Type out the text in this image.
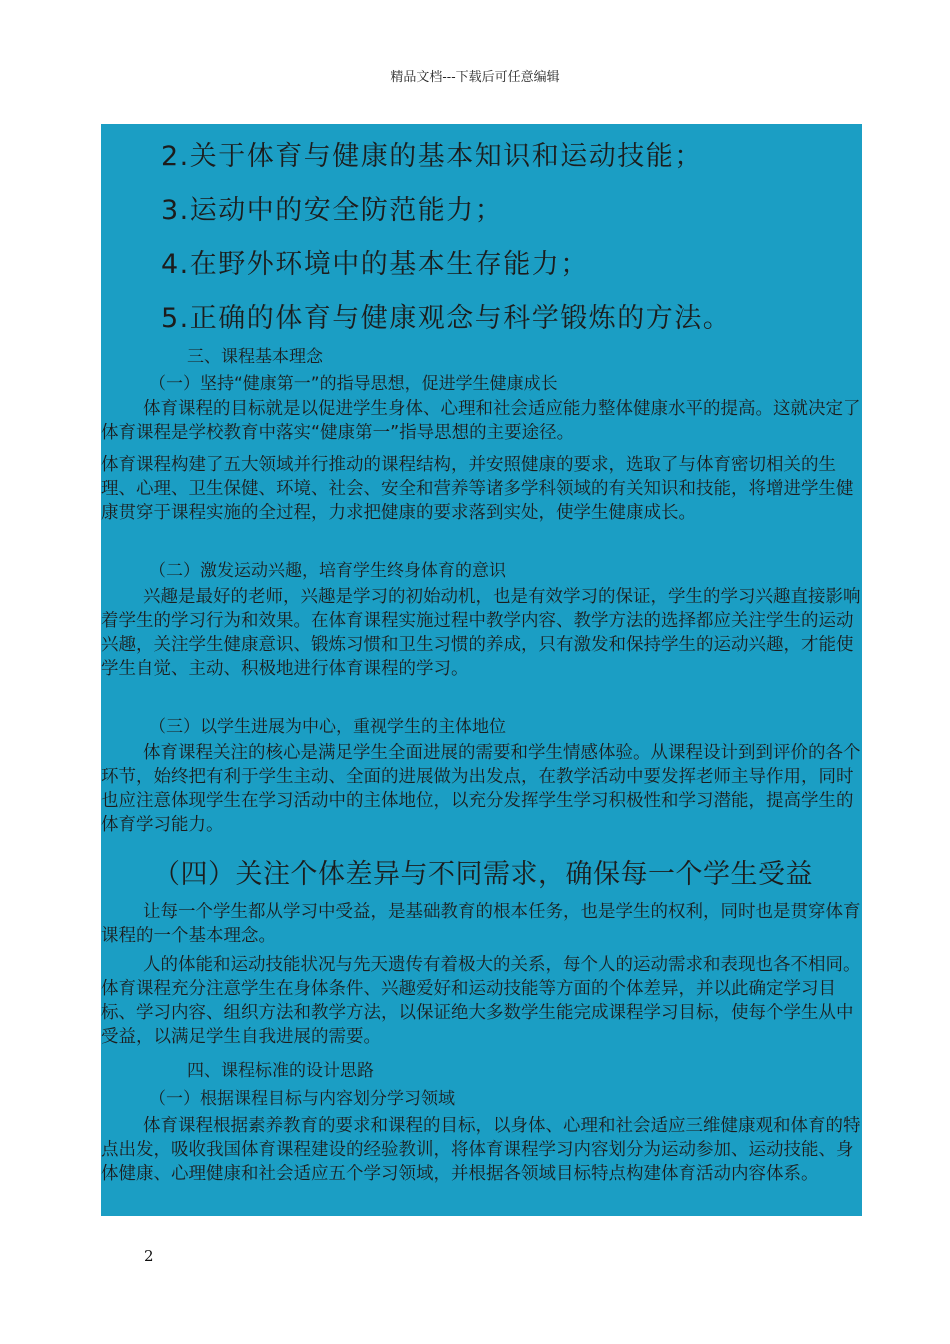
精品文档---下载后可任意编辑

2.关于体育与健康的基本知识和运动技能；

3.运动中的安全防范能力；

4.在野外环境中的基本生存能力；

5.正确的体育与健康观念与科学锻炼的方法。

三、课程基本理念

（一）坚持“健康第一”的指导思想，促进学生健康成长

体育课程的目标就是以促进学生身体、心理和社会适应能力整体健康水平的提高。这就决定了体育课程是学校教育中落实“健康第一”指导思想的主要途径。

体育课程构建了五大领域并行推动的课程结构，并安照健康的要求，选取了与体育密切相关的生理、心理、卫生保健、环境、社会、安全和营养等诸多学科领域的有关知识和技能，将增进学生健康贯穿于课程实施的全过程，力求把健康的要求落到实处，使学生健康成长。

（二）激发运动兴趣，培育学生终身体育的意识

兴趣是最好的老师，兴趣是学习的初始动机，也是有效学习的保证，学生的学习兴趣直接影响着学生的学习行为和效果。在体育课程实施过程中教学内容、教学方法的选择都应关注学生的运动兴趣，关注学生健康意识、锻炼习惯和卫生习惯的养成，只有激发和保持学生的运动兴趣，才能使学生自觉、主动、积极地进行体育课程的学习。

（三）以学生进展为中心，重视学生的主体地位

体育课程关注的核心是满足学生全面进展的需要和学生情感体验。从课程设计到到评价的各个环节，始终把有利于学生主动、全面的进展做为出发点，在教学活动中要发挥老师主导作用，同时也应注意体现学生在学习活动中的主体地位，以充分发挥学生学习积极性和学习潜能，提高学生的体育学习能力。

（四）关注个体差异与不同需求，确保每一个学生受益

让每一个学生都从学习中受益，是基础教育的根本任务，也是学生的权利，同时也是贯穿体育课程的一个基本理念。

人的体能和运动技能状况与先天遗传有着极大的关系，每个人的运动需求和表现也各不相同。体育课程充分注意学生在身体条件、兴趣爱好和运动技能等方面的个体差异，并以此确定学习目标、学习内容、组织方法和教学方法，以保证绝大多数学生能完成课程学习目标，使每个学生从中受益，以满足学生自我进展的需要。

四、课程标准的设计思路

（一）根据课程目标与内容划分学习领域

体育课程根据素养教育的要求和课程的目标，以身体、心理和社会适应三维健康观和体育的特点出发，吸收我国体育课程建设的经验教训，将体育课程学习内容划分为运动参加、运动技能、身体健康、心理健康和社会适应五个学习领域，并根据各领域目标特点构建体育活动内容体系。

2
